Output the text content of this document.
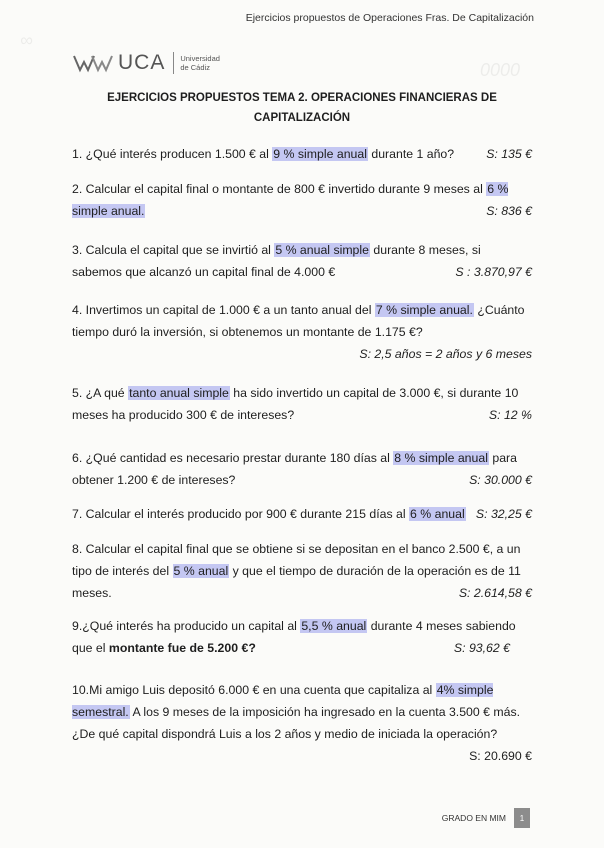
∞
0000
Ejercicios propuestos de Operaciones Fras. De Capitalización
UCA Universidad
de Cádiz
EJERCICIOS PROPUESTOS TEMA 2. OPERACIONES FINANCIERAS DE
CAPITALIZACIÓN
1. ¿Qué interés producen 1.500 € al 9 % simple anual durante 1 año?	S: 135 €
2. Calcular el capital final o montante de 800 € invertido durante 9 meses al 6 % simple anual.	S: 836 €
3. Calcula el capital que se invirtió al 5 % anual simple durante 8 meses, si sabemos que alcanzó un capital final de 4.000 €	S : 3.870,97 €
4. Invertimos un capital de 1.000 € a un tanto anual del 7 % simple anual. ¿Cuánto tiempo duró la inversión, si obtenemos un montante de 1.175 €?
S: 2,5 años = 2 años y 6 meses
5. ¿A qué tanto anual simple ha sido invertido un capital de 3.000 €, si durante 10 meses ha producido 300 € de intereses?	S: 12 %
6. ¿Qué cantidad es necesario prestar durante 180 días al 8 % simple anual para obtener 1.200 € de intereses?	S: 30.000 €
7. Calcular el interés producido por 900 € durante 215 días al 6 % anual S: 32,25 €
8. Calcular el capital final que se obtiene si se depositan en el banco 2.500 €, a un tipo de interés del 5 % anual y que el tiempo de duración de la operación es de 11 meses.	S: 2.614,58 €
9.¿Qué interés ha producido un capital al 5,5 % anual durante 4 meses sabiendo que el montante fue de 5.200 €?	S: 93,62 €
10.Mi amigo Luis depositó 6.000 € en una cuenta que capitaliza al 4% simple semestral. A los 9 meses de la imposición ha ingresado en la cuenta 3.500 € más. ¿De qué capital dispondrá Luis a los 2 años y medio de iniciada la operación?
S: 20.690 €
GRADO EN MIM	1
